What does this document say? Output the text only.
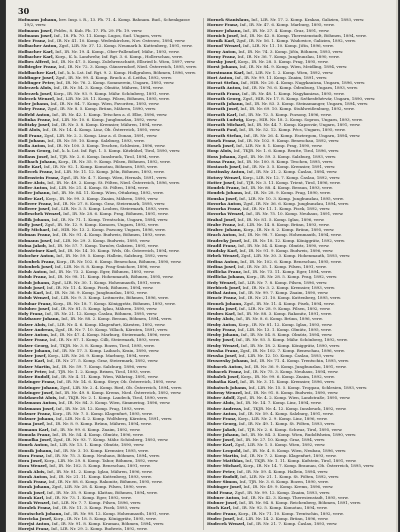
30
Hofmann Johann, bev. Insp. i. R., 13. Fb. 71. 4. Komp. Bahnam. Bud., Schenkgasse 19/2, verw.
Hofmann Josef, Feldw., 8. Kub. Fb. 17. Fh. 29. Fb. 19. verw.
Hofmann Josef, Inf., 18. Fh. 70. 11. Komp. Lugos, Sud. Ungarn, verw.
Holec Franz, Inf., IR. Nr. 41. 10. Komp. Wedeskirchen, Nov. Ostrowo, 1894, verw.
Holbacher Anton, Zgsf., LIR. Nr. 37. 12. Komp. Neumark b. Kuttenberg, 1891, verw.
Holbacher Karl, Inf., IR. Nr. 19. 4. Komp., Ober-Pallendorf, Mähr., 1893, verw.
Holbacher Karl, Korp., K. k. Landwehr, Inf. Rgt. 3. 6. Komp., Hollerschau, verw.
Holbes Alfred, Inf., IR. Nr. 47. 5. Komp. Zulehrenschnitt, Ellsried b. Wien, 1897, verw.
Holbiegler Franz, Inf., IR. Nr. 72. 3. Komp. Gänserndorf, Nied. Österreich, 1895, verw.
Holdbacher Karl, Inf., k. k. Lst. Inf. Rgt. 9. 2. Komp. Hollgraben, Böhmen, 1896, verw.
Holdinger Josef, Zgsf., IR. Nr. 99. 4. Komp. Bruck a. d. Leitha, 1892, verw.
Holdinger Peter, Inf., IR. Nr. 76. 2. Komp. Sommerein, Ungarn, 1893, verw.
Holeczek Alois, Inf., IR. Nr. 54. 3. Komp. Olmütz, Mähren, 1894, verw.
Holeczek Josef, Korp., IR. Nr. 93. 9. Komp. Mähr. Schönberg, 1891, verw.
Holecek Wenzel, Inf., LIR. Nr. 28. 11. Komp. Pilsen, Böhmen, 1895, verw.
Holer Johann, Inf., IR. Nr. 84. 7. Komp. Wien, Favoriten, 1893, verw.
Holey Franz, Zgsf., IR. Nr. 8. 5. Komp. Brünn, Mähren, 1890, verw.
Holfeld Anton, Inf., IR. Nr. 42. 1. Komp. Tetschen a. d. Elbe, 1896, verw.
Holinka Franz, Inf., LIR. Nr. 10. 6. Komp. Jungbunzlau, 1892, verw.
Holitzky Josef, Inf., IR. Nr. 3. 8. Komp. Kremsier, Mähren, 1894, verw.
Holl Alois, Inf., IR. Nr. 14. 4. Komp. Linz, Ob. Österreich, 1895, verw.
Holl Franz, Zgsf., LIR. Nr. 2. 2. Komp. Linz a. d. Donau, 1891, verw.
Holl Johann, Inf., IR. Nr. 59. 10. Komp. Salzburg, 1893, verw.
Holla Anton, Inf., IR. Nr. 100. 3. Komp. Teschen, Schlesien, 1896, verw.
Hollaus Georg, Inf., k. k. Lst. Inf. Rgt. 1. 5. Komp. Kitzbühel, Tirol, 1890, verw.
Hollaus Josef, Inf., TJR. Nr. 2. 6. Komp. Innsbruck, Tirol, 1894, verw.
Hollbach Johann, Korp., IR. Nr. 35. 9. Komp. Pilsen, Böhmen, 1892, verw.
Holle Karl, Inf., IR. Nr. 92. 1. Komp. Komotau, Böhmen, 1895, verw.
Hollecek Franz, Inf., LIR. Nr. 11. 12. Komp. Jičín, Böhmen, 1893, verw.
Hollenstein Franz, Zgsf., IR. Nr. 4. 7. Komp. Wien, Hernals, 1891, verw.
Holler Alois, Inf., IR. Nr. 49. 2. Komp. St. Pölten, Nied. Österreich, 1896, verw.
Holler Anton, Inf., LIR. Nr. 21. 4. Komp. St. Pölten, 1894, verw.
Holler Johann, Inf., IR. Nr. 84. 11. Komp. Wien, Ottakring, 1892, verw.
Holler Karl, Korp., IR. Nr. 99. 3. Komp. Znaim, Mähren, 1890, verw.
Hollerer Franz, Inf., IR. Nr. 27. 8. Komp. Graz, Steiermark, 1895, verw.
Hollerer Josef, Inf., LIR. Nr. 3. 5. Komp. Leoben, Steiermark, 1893, verw.
Holleschek Wenzel, Inf., IR. Nr. 28. 6. Komp. Prag, Böhmen, 1891, verw.
Hollik Johann, Inf., IR. Nr. 71. 1. Komp. Trentschin, Ungarn, 1894, verw.
Holly Josef, Zgsf., IR. Nr. 12. 9. Komp. Komorn, Ungarn, 1892, verw.
Holly Michael, Inf., HIR. Nr. 13. 2. Komp. Pozsony, Ungarn, 1896, verw.
Holman Franz, Inf., IR. Nr. 91. 4. Komp. Budweis, Böhmen, 1893, verw.
Holmann Josef, Inf., LIR. Nr. 29. 3. Komp. Budweis, 1895, verw.
Holna Jakob, Inf., IR. Nr. 57. 7. Komp. Tarnów, Galizien, 1891, verw.
Holnsteiner Karl, Inf., IR. Nr. 14. 10. Komp. Wels, Ob. Österreich, 1894, verw.
Holocher Anton, Inf., IR. Nr. 59. 5. Komp. Hallein, Salzburg, 1892, verw.
Holoubek Franz, Korp., IR. Nr. 102. 6. Komp. Beneschau, Böhmen, 1890, verw.
Holoubek Josef, Inf., LIR. Nr. 8. 8. Komp. Prag-Smichow, 1896, verw.
Holub Anton, Inf., IR. Nr. 73. 2. Komp. Eger, Böhmen, 1893, verw.
Holub Franz, Inf., IR. Nr. 98. 11. Komp. Hohenmauth, Böhmen, 1895, verw.
Holub Johann, Zgsf., LIR. Nr. 30. 1. Komp. Hohenmauth, 1891, verw.
Holub Josef, Inf., IR. Nr. 11. 4. Komp. Pisek, Böhmen, 1894, verw.
Holub Karl, Inf., IR. Nr. 36. 9. Komp. Jungbunzlau, 1892, verw.
Holub Wenzel, Inf., LIR. Nr. 9. 3. Komp. Leitmeritz, Böhmen, 1896, verw.
Holubar Franz, Korp., IR. Nr. 18. 7. Komp. Königgrätz, Böhmen, 1893, verw.
Holubec Josef, Inf., IR. Nr. 81. 5. Komp. Iglau, Mähren, 1890, verw.
Holy Franz, Inf., IR. Nr. 21. 12. Komp. Časlau, Böhmen, 1895, verw.
Holzbauer Johann, Inf., IR. Nr. 88. 2. Komp. Beraun, Böhmen, 1894, verw.
Holzer Alois, Inf., LIR. Nr. 4. 6. Komp. Klagenfurt, Kärnten, 1892, verw.
Holzer Andreas, Zgsf., IR. Nr. 7. 10. Komp. Villach, Kärnten, 1891, verw.
Holzer Anton, Inf., IR. Nr. 47. 4. Komp. Marburg, Steiermark, 1896, verw.
Holzer Franz, Inf., IR. Nr. 87. 1. Komp. Cilli, Steiermark, 1893, verw.
Holzer Georg, Inf., TKJR. Nr. 3. 8. Komp. Bozen, Tirol, 1895, verw.
Holzer Johann, Inf., IR. Nr. 17. 3. Komp. Laibach, Krain, 1890, verw.
Holzer Josef, Korp., LIR. Nr. 26. 9. Komp. Marburg, 1894, verw.
Holzer Karl, Inf., IR. Nr. 27. 5. Komp. Graz, Steiermark, 1892, verw.
Holzer Martin, Inf., IR. Nr. 59. 7. Komp. Salzburg, 1896, verw.
Holzer Peter, Inf., TJR. Nr. 1. 2. Komp. Brixen, Tirol, 1893, verw.
Holzer Rudolf, Inf., IR. Nr. 4. 11. Komp. Wien, Währing, 1891, verw.
Holzinger Franz, Inf., IR. Nr. 14. 6. Komp. Steyr, Ob. Österreich, 1895, verw.
Holzinger Johann, Zgsf., LIR. Nr. 2. 4. Komp. Ried, Ob. Österreich, 1894, verw.
Holzinger Josef, Inf., IR. Nr. 49. 8. Komp. Krems, Nied. Österreich, 1892, verw.
Holzknecht Alois, Inf., TKJR. Nr. 2. 1. Komp. Landeck, Tirol, 1890, verw.
Holzmann Anton, Inf., IR. Nr. 84. 3. Komp. Wien, Simmering, 1896, verw.
Holzmann Josef, Inf., IR. Nr. 28. 12. Komp. Prag, 1893, verw.
Holzner Franz, Korp., IR. Nr. 7. 5. Komp. Klagenfurt, 1895, verw.
Holzner Johann, Inf., LIR. Nr. 4. 2. Komp. Wolfsberg, Kärnten, 1891, verw.
Homa Josef, Inf., IR. Nr. 8. 9. Komp. Brünn, Mähren, 1894, verw.
Homann Karl, Inf., IR. Nr. 99. 6. Komp. Znaim, 1892, verw.
Homola Franz, Inf., IR. Nr. 54. 4. Komp. Olmütz, 1896, verw.
Homolka Josef, Zgsf., IR. Nr. 93. 7. Komp. Mähr. Schönberg, 1893, verw.
Honek Anton, Inf., LIR. Nr. 13. 1. Komp. Olmütz, 1890, verw.
Honsik Johann, Inf., IR. Nr. 3. 10. Komp. Kremsier, 1895, verw.
Hora Franz, Inf., IR. Nr. 75. 3. Komp. Neuhaus, Böhmen, 1894, verw.
Hora Josef, Korp., LIR. Nr. 29. 8. Komp. Tabor, Böhmen, 1892, verw.
Hora Wenzel, Inf., IR. Nr. 102. 5. Komp. Beneschau, 1891, verw.
Horak Alois, Inf., IR. Nr. 81. 2. Komp. Iglau, Mähren, 1896, verw.
Horak Anton, Inf., IR. Nr. 21. 11. Komp. Kuttenberg, 1893, verw.
Horak Franz, Inf., IR. Nr. 88. 6. Komp. Rakonitz, Böhmen, 1895, verw.
Horak Johann, Zgsf., LIR. Nr. 28. 4. Komp. Pilsen, 1890, verw.
Horak Josef, Inf., IR. Nr. 35. 9. Komp. Klattau, Böhmen, 1894, verw.
Horak Karl, Inf., IR. Nr. 73. 1. Komp. Eger, 1892, verw.
Horak Wenzel, Inf., LIR. Nr. 7. 7. Komp. Pilsen, 1896, verw.
Horalek Franz, Inf., IR. Nr. 11. 3. Komp. Pisek, 1893, verw.
Horatschek Johann, Inf., IR. Nr. 98. 12. Komp. Hohenmauth, 1891, verw.
Horcicka Josef, Korp., IR. Nr. 18. 5. Komp. Königgrätz, 1895, verw.
Horejsi Anton, Inf., IR. Nr. 91. 8. Komp. Krumau, Böhmen, 1894, verw.
Horejsi Franz, Inf., LIR. Nr. 29. 2. Komp. Budweis, 1892, verw.
Hornek Stanislaus, Inf., LIR. Nr. 17. 2. Komp. Krakau, Galizien, 1893, verw.
Horner Franz, Inf., IR. Nr. 47. 6. Komp. Marburg, 1895, verw.
Horner Johann, Inf., IR. Nr. 27. 4. Komp. Graz, 1891, verw.
Hornich Josef, Inf., IR. Nr. 42. 8. Komp. Theresienstadt, Böhmen, 1894, verw.
Hornik Karl, Zgsf., IR. Nr. 56. 1. Komp. Wadowice, Galizien, 1892, verw.
Hornof Wenzel, Inf., LIR. Nr. 11. 10. Komp. Jičín, 1896, verw.
Horny Anton, Inf., IR. Nr. 74. 3. Komp. Jičín, Böhmen, 1893, verw.
Horny Franz, Inf., IR. Nr. 36. 7. Komp. Jungbunzlau, 1890, verw.
Horsky Josef, Korp., IR. Nr. 28. 5. Komp. Prag, 1895, verw.
Horst Johann, Inf., IR. Nr. 84. 9. Komp. Wien, Meidling, 1894, verw.
Horstmann Karl, Inf., LIR. Nr. 1. 2. Komp. Wien, 1892, verw.
Hort Anton, Inf., IR. Nr. 99. 11. Komp. Znaim, 1891, verw.
Horvat Stefan, Inf., HIR. Nr. 20. 4. Komp. Nagykanizsa, Ungarn, 1896, verw.
Horvath Anton, Inf., IR. Nr. 76. 6. Komp. Ödenburg, Ungarn, 1893, verw.
Horvath Franz, Inf., IR. Nr. 48. 1. Komp. Nagykanizsa, 1895, verw.
Horvath Georg, Zgsf., HIR. Nr. 17. 8. Komp. Székesfehérvár, Ungarn, 1890, verw.
Horvath Johann, Inf., IR. Nr. 83. 3. Komp. Steinamanger, Ungarn, 1894, verw.
Horvath Josef, Inf., IR. Nr. 69. 10. Komp. Stuhlweißenburg, 1892, verw.
Horvath Karl, Inf., IR. Nr. 72. 5. Komp. Pozsony, 1896, verw.
Horvath Ludwig, Korp., HIR. Nr. 18. 2. Komp. Sopron, Ungarn, 1893, verw.
Horvath Michael, Inf., IR. Nr. 44. 7. Komp. Kaposvár, Ungarn, 1891, verw.
Horvath Paul, Inf., IR. Nr. 52. 12. Komp. Pécs, Ungarn, 1895, verw.
Horvath Stefan, Inf., IR. Nr. 26. 4. Komp. Esztergom, Ungarn, 1894, verw.
Hosek Franz, Inf., IR. Nr. 102. 9. Komp. Beneschau, 1892, verw.
Hosek Josef, Inf., LIR. Nr. 8. 1. Komp. Prag, 1890, verw.
Hosp Alois, Inf., TKJR. Nr. 1. 6. Komp. Reutte, Tirol, 1896, verw.
Hoss Johann, Zgsf., IR. Nr. 59. 3. Komp. Salzburg, 1893, verw.
Hossa Franz, Inf., IR. Nr. 100. 8. Komp. Teschen, 1895, verw.
Hostasch Josef, Inf., IR. Nr. 3. 5. Komp. Kremsier, 1891, verw.
Hostinsky Anton, Inf., IR. Nr. 21. 2. Komp. Časlau, 1894, verw.
Hotovy Wenzel, Korp., LIR. Nr. 12. 7. Komp. Časlau, 1892, verw.
Hotter Josef, Inf., TJR. Nr. 3. 11. Komp. Trient, Tirol, 1896, verw.
Houdek Franz, Inf., IR. Nr. 88. 4. Komp. Beraun, 1893, verw.
Houdek Johann, Inf., IR. Nr. 28. 9. Komp. Prag, 1890, verw.
Houska Josef, Inf., LIR. Nr. 10. 3. Komp. Jungbunzlau, 1895, verw.
Hovorka Anton, Zgsf., IR. Nr. 36. 6. Komp. Jungbunzlau, 1894, verw.
Hovorka Franz, Inf., IR. Nr. 11. 1. Komp. Pisek, 1892, verw.
Hovorka Wenzel, Inf., IR. Nr. 75. 10. Komp. Neuhaus, 1891, verw.
Hrabal Josef, Inf., IR. Nr. 81. 5. Komp. Iglau, 1896, verw.
Hrabe Franz, Inf., LIR. Nr. 14. 8. Komp. Brünn, 1893, verw.
Hrabec Johann, Korp., IR. Nr. 8. 2. Komp. Brünn, 1895, verw.
Hrach Anton, Inf., IR. Nr. 98. 7. Komp. Hohenmauth, 1894, verw.
Hradecky Josef, Inf., IR. Nr. 18. 12. Komp. Königgrätz, 1892, verw.
Hradil Franz, Inf., IR. Nr. 54. 4. Komp. Olmütz, 1890, verw.
Hradsky Karl, Inf., IR. Nr. 91. 9. Komp. Budweis, 1896, verw.
Hrbek Wenzel, Zgsf., LIR. Nr. 30. 3. Komp. Hohenmauth, 1893, verw.
Hrdina Anton, Inf., IR. Nr. 102. 6. Komp. Beneschau, 1895, verw.
Hrdina Josef, Inf., IR. Nr. 35. 1. Komp. Pilsen, 1891, verw.
Hrdlicka Franz, Inf., IR. Nr. 73. 11. Komp. Eger, 1894, verw.
Hrdlicka Johann, Korp., IR. Nr. 28. 5. Komp. Prag, 1892, verw.
Hrdy Wenzel, Inf., LIR. Nr. 7. 8. Komp. Pilsen, 1896, verw.
Hrebicek Josef, Inf., IR. Nr. 3. 2. Komp. Kremsier, 1893, verw.
Hribal Anton, Inf., IR. Nr. 99. 7. Komp. Znaim, 1890, verw.
Hrncir Franz, Inf., IR. Nr. 21. 10. Komp. Kuttenberg, 1895, verw.
Hronek Johann, Zgsf., IR. Nr. 11. 4. Komp. Pisek, 1894, verw.
Hrouda Josef, Inf., LIR. Nr. 28. 9. Komp. Pilsen, 1892, verw.
Hrubes Karl, Inf., IR. Nr. 88. 3. Komp. Rakonitz, 1891, verw.
Hruby Alois, Inf., IR. Nr. 8. 6. Komp. Brünn, 1896, verw.
Hruby Anton, Korp., IR. Nr. 81. 12. Komp. Iglau, 1893, verw.
Hruby Franz, Inf., LIR. Nr. 13. 1. Komp. Olmütz, 1895, verw.
Hruby Johann, Inf., IR. Nr. 54. 8. Komp. Olmütz, 1894, verw.
Hruby Josef, Inf., IR. Nr. 93. 5. Komp. Mähr. Schönberg, 1892, verw.
Hruby Wenzel, Inf., IR. Nr. 18. 2. Komp. Königgrätz, 1890, verw.
Hruska Franz, Zgsf., IR. Nr. 102. 7. Komp. Beneschau, 1896, verw.
Hruska Josef, Inf., LIR. Nr. 12. 10. Komp. Časlau, 1893, verw.
Hrusovsky Johann, Inf., IR. Nr. 71. 4. Komp. Trentschin, 1895, verw.
Hubacek Anton, Inf., IR. Nr. 36. 9. Komp. Jungbunzlau, 1891, verw.
Hubacek Franz, Inf., IR. Nr. 75. 3. Komp. Neuhaus, 1894, verw.
Hubalek Josef, Korp., IR. Nr. 99. 6. Komp. Znaim, 1892, verw.
Hubatka Karl, Inf., IR. Nr. 3. 11. Komp. Kremsier, 1896, verw.
Hubatsch Johann, Inf., LIR. Nr. 15. 5. Komp. Troppau, Schlesien, 1893, verw.
Hubeny Wenzel, Inf., IR. Nr. 91. 8. Komp. Budweis, 1890, verw.
Huber Adolf, Zgsf., IR. Nr. 4. 2. Komp. Wien, Landstraße, 1895, verw.
Huber Alois, Inf., IR. Nr. 14. 7. Komp. Linz, 1894, verw.
Huber Andreas, Inf., TKJR. Nr. 4. 12. Komp. Innsbruck, 1892, verw.
Huber Anton, Inf., IR. Nr. 59. 4. Komp. Salzburg, 1891, verw.
Huber Franz, Korp., LIR. Nr. 2. 9. Komp. Linz, 1896, verw.
Huber Georg, Inf., IR. Nr. 49. 1. Komp. St. Pölten, 1893, verw.
Huber Jakob, Inf., TJR. Nr. 2. 6. Komp. Schwaz, Tirol, 1895, verw.
Huber Johann, Inf., IR. Nr. 84. 3. Komp. Wien, Rudolfsheim, 1890, verw.
Huber Josef, Inf., IR. Nr. 27. 10. Komp. Graz, 1894, verw.
Huber Karl, Zgsf., LIR. Nr. 1. 5. Komp. Wien, 1892, verw.
Huber Leopold, Inf., IR. Nr. 4. 8. Komp. Wien, Neubau, 1896, verw.
Huber Martin, Inf., IR. Nr. 7. 2. Komp. Klagenfurt, 1893, verw.
Huber Matthias, Inf., TKJR. Nr. 1. 11. Komp. Kufstein, Tirol, 1891, verw.
Huber Michael, Korp., IR. Nr. 14. 7. Komp. Braunau, Ob. Österreich, 1895, verw.
Huber Peter, Inf., IR. Nr. 59. 4. Komp. Hallein, 1894, verw.
Huber Rudolf, Inf., LIR. Nr. 21. 1. Komp. St. Pölten, 1892, verw.
Huber Simon, Inf., TJR. Nr. 3. 6. Komp. Bozen, 1890, verw.
Hubinger Josef, Inf., IR. Nr. 49. 9. Komp. Krems, 1896, verw.
Hubl Franz, Zgsf., IR. Nr. 99. 12. Komp. Znaim, 1893, verw.
Hubner Anton, Inf., IR. Nr. 42. 3. Komp. Theresienstadt, 1895, verw.
Hubner Josef, Inf., IR. Nr. 94. 8. Komp. Reichenberg, Böhmen, 1891, verw.
Huch Karl, Inf., IR. Nr. 92. 5. Komp. Komotau, 1894, verw.
Hudec Franz, Korp., IR. Nr. 71. 10. Komp. Trentschin, 1892, verw.
Hudec Josef, Inf., LIR. Nr. 14. 2. Komp. Brünn, 1896, verw.
Hudecek Wenzel, Inf., IR. Nr. 21. 7. Komp. Časlau, 1893, verw.
